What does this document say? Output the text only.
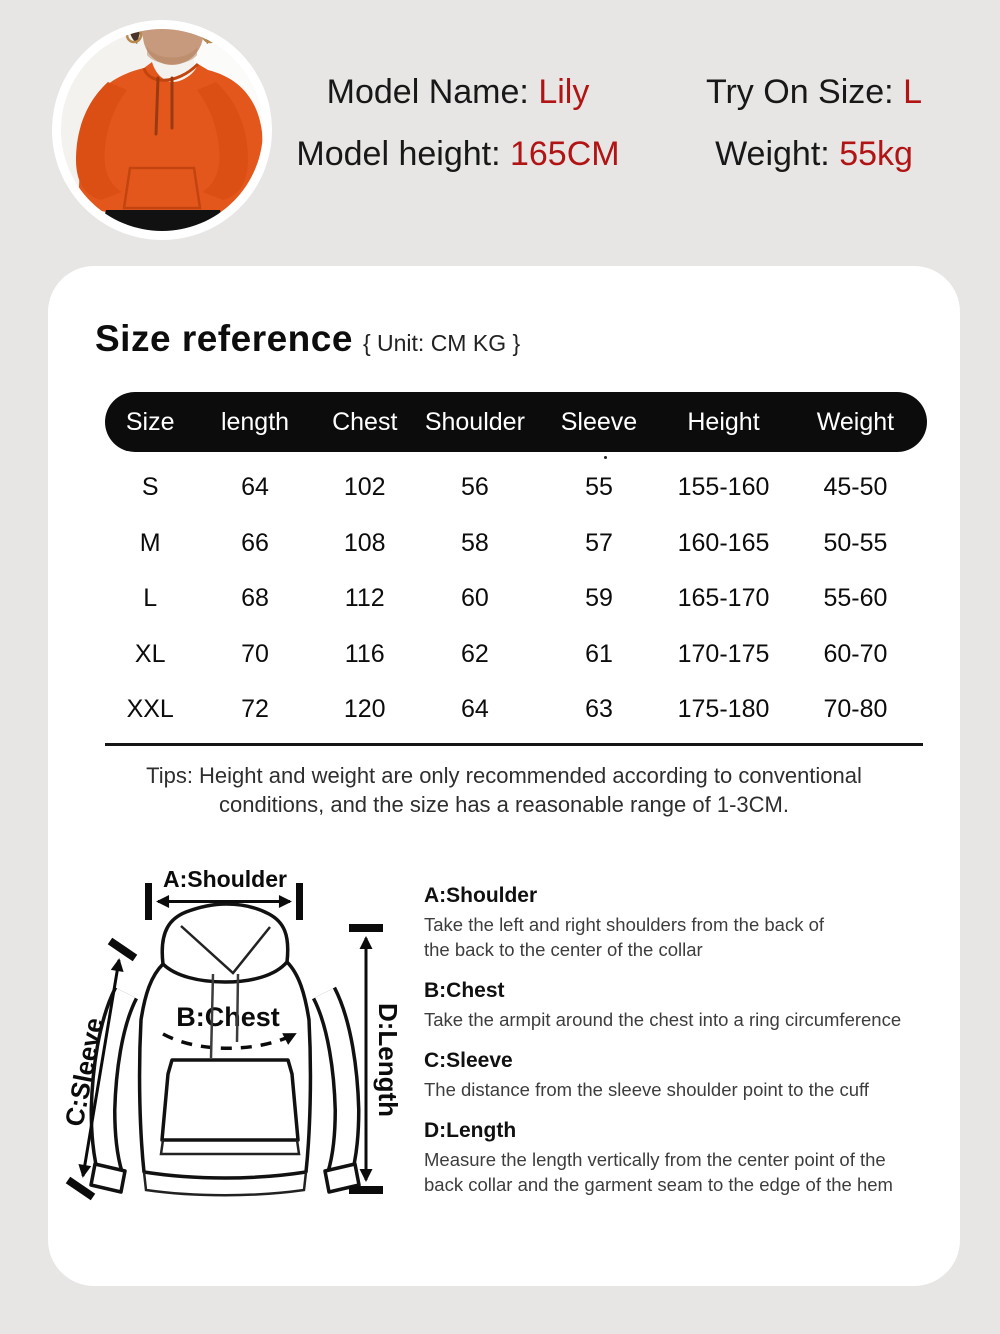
Model Name: Lily
Model height: 165CM
Try On Size: L
Weight: 55kg
Size reference { Unit: CM KG }
Size	length	Chest	Shoulder	Sleeve	Height	Weight
S	64	102	56	55	155-160	45-50
M	66	108	58	57	160-165	50-55
L	68	112	60	59	165-170	55-60
XL	70	116	62	61	170-175	60-70
XXL	72	120	64	63	175-180	70-80
Tips: Height and weight are only recommended according to conventional conditions, and the size has a reasonable range of 1-3CM.
B:Chest
A:Shoulder
C:Sleeve	D:Length
A:Shoulder
Take the left and right shoulders from the back of
the back to the center of the collar
B:Chest
Take the armpit around the chest into a ring circumference
C:Sleeve
The distance from the sleeve shoulder point to the cuff
D:Length
Measure the length vertically from the center point of the
back collar and the garment seam to the edge of the hem
